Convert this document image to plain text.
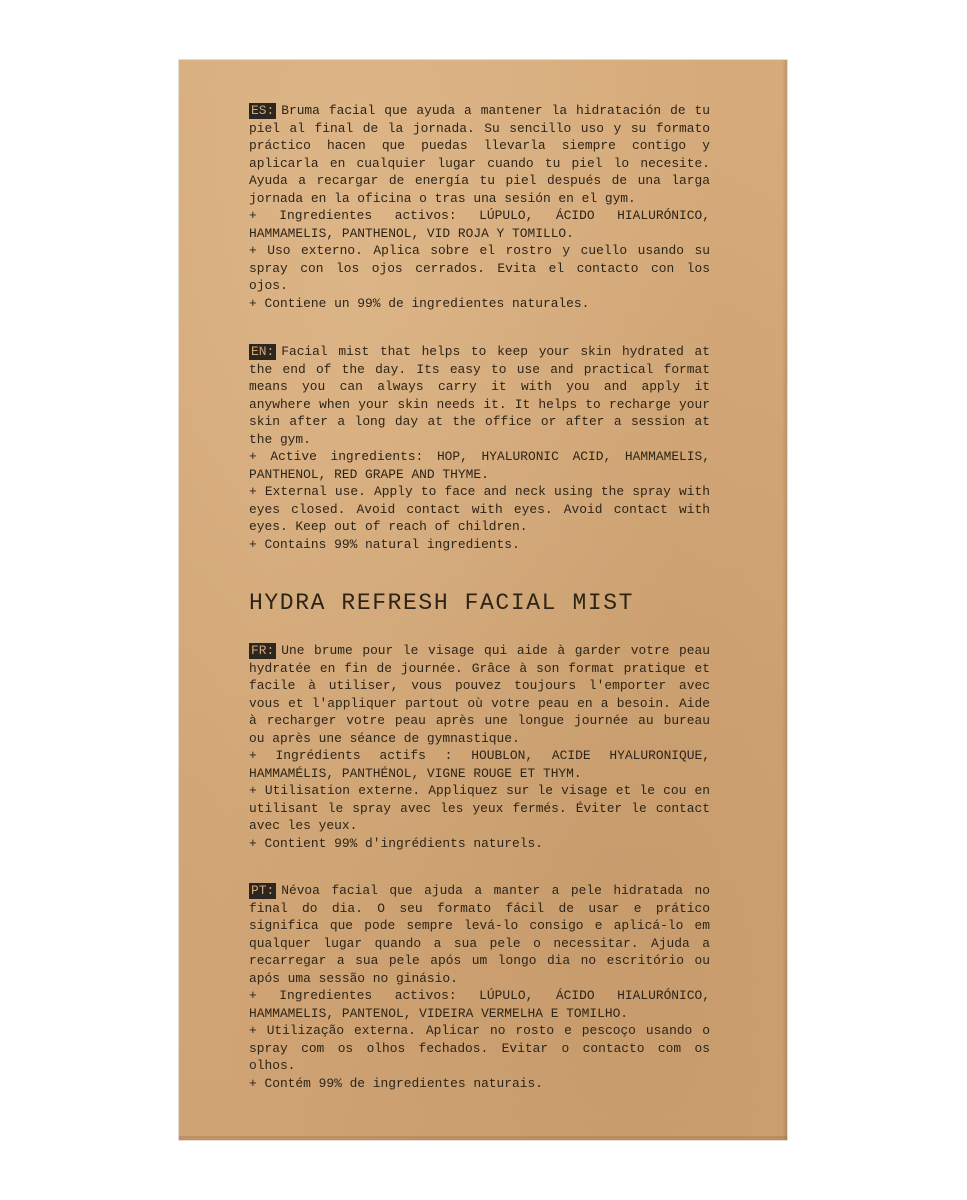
ES: Bruma facial que ayuda a mantener la hidratación de tu piel al final de la jornada. Su sencillo uso y su formato práctico hacen que puedas llevarla siempre contigo y aplicarla en cualquier lugar cuando tu piel lo necesite. Ayuda a recargar de energía tu piel después de una larga jornada en la oficina o tras una sesión en el gym.

+ Ingredientes activos: LÚPULO, ÁCIDO HIALURÓNICO, HAMMAMELIS, PANTHENOL, VID ROJA Y TOMILLO.

+ Uso externo. Aplica sobre el rostro y cuello usando su spray con los ojos cerrados. Evita el contacto con los ojos.

+ Contiene un 99% de ingredientes naturales.

EN: Facial mist that helps to keep your skin hydrated at the end of the day. Its easy to use and practical format means you can always carry it with you and apply it anywhere when your skin needs it. It helps to recharge your skin after a long day at the office or after a session at the gym.

+ Active ingredients: HOP, HYALURONIC ACID, HAMMAMELIS, PANTHENOL, RED GRAPE AND THYME.

+ External use. Apply to face and neck using the spray with eyes closed. Avoid contact with eyes. Avoid contact with eyes. Keep out of reach of children.

+ Contains 99% natural ingredients.

HYDRA REFRESH FACIAL MIST

FR: Une brume pour le visage qui aide à garder votre peau hydratée en fin de journée. Grâce à son format pratique et facile à utiliser, vous pouvez toujours l'emporter avec vous et l'appliquer partout où votre peau en a besoin. Aide à recharger votre peau après une longue journée au bureau ou après une séance de gymnastique.

+ Ingrédients actifs : HOUBLON, ACIDE HYALURONIQUE, HAMMAMÉLIS, PANTHÉNOL, VIGNE ROUGE ET THYM.

+ Utilisation externe. Appliquez sur le visage et le cou en utilisant le spray avec les yeux fermés. Éviter le contact avec les yeux.

+ Contient 99% d'ingrédients naturels.

PT: Névoa facial que ajuda a manter a pele hidratada no final do dia. O seu formato fácil de usar e prático significa que pode sempre levá-lo consigo e aplicá-lo em qualquer lugar quando a sua pele o necessitar. Ajuda a recarregar a sua pele após um longo dia no escritório ou após uma sessão no ginásio.

+ Ingredientes activos: LÚPULO, ÁCIDO HIALURÓNICO, HAMMAMELIS, PANTENOL, VIDEIRA VERMELHA E TOMILHO.

+ Utilização externa. Aplicar no rosto e pescoço usando o spray com os olhos fechados. Evitar o contacto com os olhos.

+ Contém 99% de ingredientes naturais.
